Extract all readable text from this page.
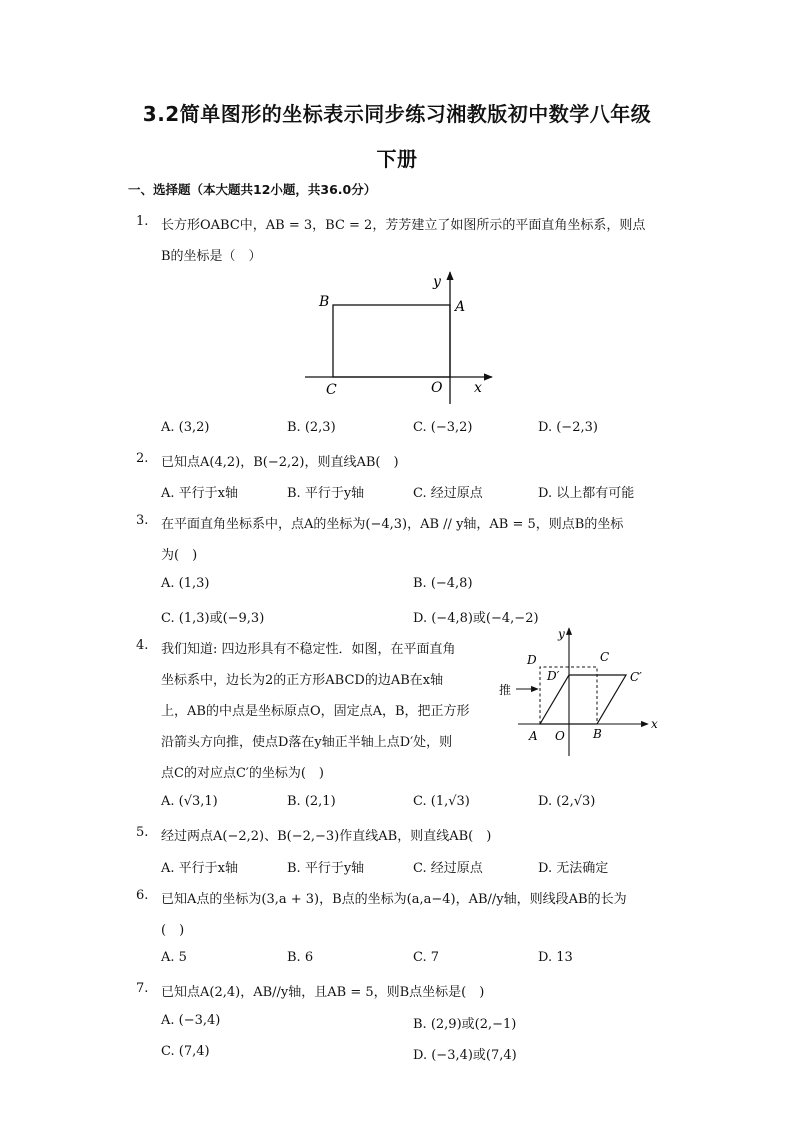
3.2简单图形的坐标表示同步练习湘教版初中数学八年级
下册
一、选择题（本大题共12小题，共36.0分）
1. 长方形OABC中，AB = 3，BC = 2，芳芳建立了如图所示的平面直角坐标系，则点
B的坐标是（　）
y
B	A
C	O x
A. (3,2)	B. (2,3)	C. (−3,2)	D. (−2,3)
2. 已知点A(4,2)，B(−2,2)，则直线AB(　)
A. 平行于x轴	B. 平行于y轴	C. 经过原点	D. 以上都有可能
3. 在平面直角坐标系中，点A的坐标为(−4,3)，AB // y轴，AB = 5，则点B的坐标
为(　)
A. (1,3)	B. (−4,8)
C. (1,3)或(−9,3)	D. (−4,8)或(−4,−2)
4. 我们知道: 四边形具有不稳定性．如图，在平面直角
坐标系中，边长为2的正方形ABCD的边AB在x轴
上，AB的中点是坐标原点O，固定点A，B，把正方形
沿箭头方向推，使点D落在y轴正半轴上点D′处，则
点C的对应点C′的坐标为(　)
y
D	C
D′	C′
推
A O B
x
A. (√3,1)	B. (2,1)	C. (1,√3)	D. (2,√3)
5. 经过两点A(−2,2)、B(−2,−3)作直线AB，则直线AB(　)
A. 平行于x轴	B. 平行于y轴	C. 经过原点	D. 无法确定
6. 已知A点的坐标为(3,a + 3)，B点的坐标为(a,a−4)，AB//y轴，则线段AB的长为
(　)
A. 5	B. 6	C. 7	D. 13
7. 已知点A(2,4)，AB//y轴，且AB = 5，则B点坐标是(　)
A. (−3,4)	B. (2,9)或(2,−1)
C. (7,4)	D. (−3,4)或(7,4)
